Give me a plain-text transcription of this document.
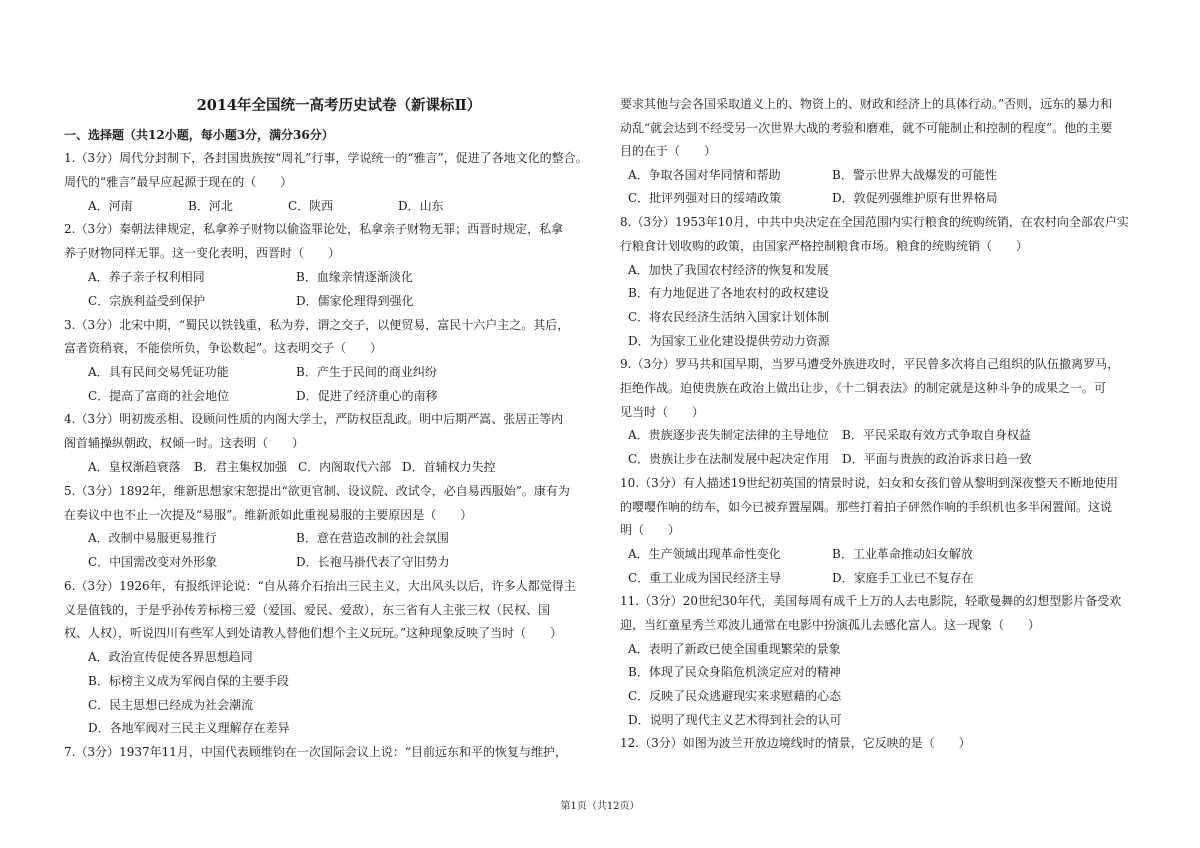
2014年全国统一高考历史试卷（新课标Ⅱ）
一、选择题（共12小题，每小题3分，满分36分）
1.（3分）周代分封制下，各封国贵族按“周礼”行事，学说统一的“雅言”，促进了各地文化的整合。
周代的“雅言”最早应起源于现在的（　　）
A．河南	B．河北	C．陕西	D．山东
2.（3分）秦朝法律规定，私拿养子财物以偷盗罪论处，私拿亲子财物无罪；西晋时规定，私拿
养子财物同样无罪。这一变化表明，西晋时（　　）
A．养子亲子权利相同	B．血缘亲情逐渐淡化
C．宗族利益受到保护	D．儒家伦理得到强化
3.（3分）北宋中期，“蜀民以铁钱重，私为券，谓之交子，以便贸易，富民十六户主之。其后，
富者资稍衰，不能偿所负，争讼数起”。这表明交子（　　）
A．具有民间交易凭证功能	B．产生于民间的商业纠纷
C．提高了富商的社会地位	D．促进了经济重心的南移
4.（3分）明初废丞相、设顾问性质的内阁大学士，严防权臣乱政。明中后期严嵩、张居正等内
阁首辅操纵朝政，权倾一时。这表明（　　）
A．皇权渐趋衰落 B．君主集权加强 C．内阁取代六部 D．首辅权力失控
5.（3分）1892年，维新思想家宋恕提出“欲更官制、设议院、改试令，必自易西服始”。康有为
在奏议中也不止一次提及“易服”。维新派如此重视易服的主要原因是（　　）
A．改制中易服更易推行	B．意在营造改制的社会氛围
C．中国需改变对外形象	D．长袍马褂代表了守旧势力
6.（3分）1926年，有报纸评论说：“自从蒋介石抬出三民主义，大出风头以后，许多人都觉得主
义是值钱的，于是乎孙传芳标榜三爱（爱国、爱民、爱敌），东三省有人主张三权（民权、国
权、人权），听说四川有些军人到处请教人替他们想个主义玩玩。”这种现象反映了当时（　　）
A．政治宣传促使各界思想趋同
B．标榜主义成为军阀自保的主要手段
C．民主思想已经成为社会潮流
D．各地军阀对三民主义理解存在差异
7.（3分）1937年11月，中国代表顾维钧在一次国际会议上说：“目前远东和平的恢复与维护，
要求其他与会各国采取道义上的、物资上的、财政和经济上的具体行动。”否则，远东的暴力和
动乱“就会达到不经受另一次世界大战的考验和磨难，就不可能制止和控制的程度”。他的主要
目的在于（　　）
A．争取各国对华同情和帮助	B．警示世界大战爆发的可能性
C．批评列强对日的绥靖政策	D．敦促列强维护原有世界格局
8.（3分）1953年10月，中共中央决定在全国范围内实行粮食的统购统销，在农村向全部农户实
行粮食计划收购的政策，由国家严格控制粮食市场。粮食的统购统销（　　）
A．加快了我国农村经济的恢复和发展
B．有力地促进了各地农村的政权建设
C．将农民经济生活纳入国家计划体制
D．为国家工业化建设提供劳动力资源
9.（3分）罗马共和国早期，当罗马遭受外族进攻时，平民曾多次将自己组织的队伍撤离罗马，
拒绝作战。迫使贵族在政治上做出让步，《十二铜表法》的制定就是这种斗争的成果之一。可
见当时（　　）
A．贵族逐步丧失制定法律的主导地位 B．平民采取有效方式争取自身权益
C．贵族让步在法制发展中起决定作用 D．平面与贵族的政治诉求日趋一致
10.（3分）有人描述19世纪初英国的情景时说，妇女和女孩们曾从黎明到深夜整天不断地使用
的嘤嘤作响的纺车，如今已被弃置屋隅。那些打着拍子砰然作响的手织机也多半闲置闻。这说
明（　　）
A．生产领域出现革命性变化	B．工业革命推动妇女解放
C．重工业成为国民经济主导	D．家庭手工业已不复存在
11.（3分）20世纪30年代，美国每周有成千上万的人去电影院，轻歌曼舞的幻想型影片备受欢
迎，当红童星秀兰邓波儿通常在电影中扮演孤儿去感化富人。这一现象（　　）
A．表明了新政已使全国重现繁荣的景象
B．体现了民众身陷危机淡定应对的精神
C．反映了民众逃避现实来求慰藉的心态
D．说明了现代主义艺术得到社会的认可
12.（3分）如图为波兰开放边境线时的情景，它反映的是（　　）
第1页（共12页）
